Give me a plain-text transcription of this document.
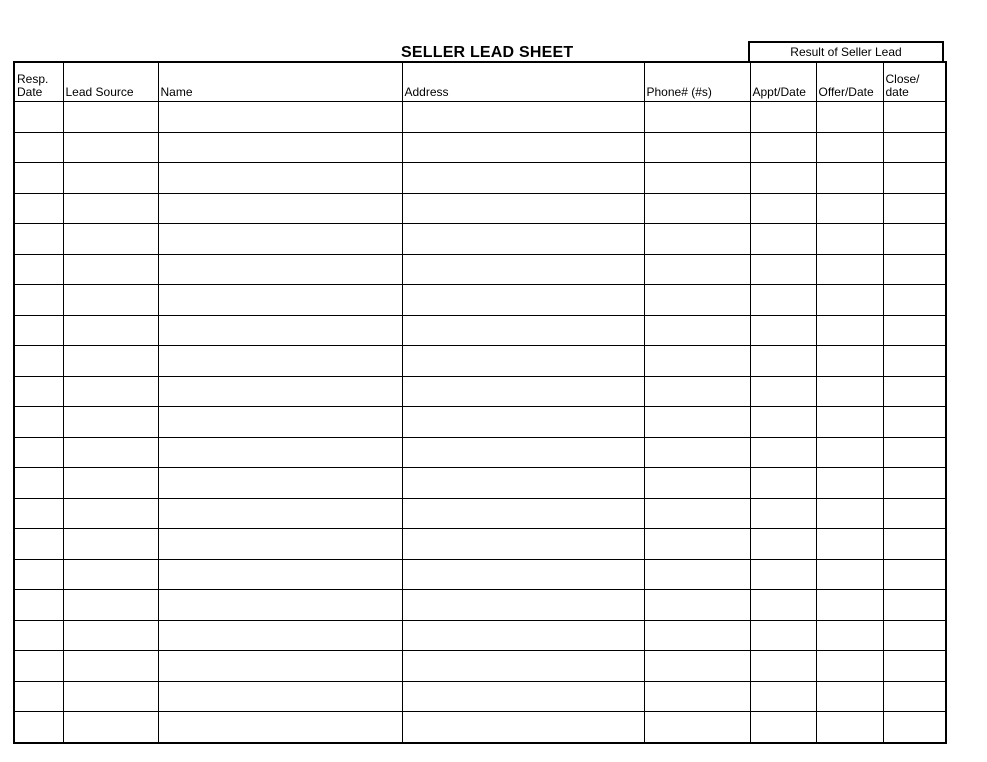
SELLER LEAD SHEET	Result of Seller Lead
Resp.
Date	Lead Source	Name	Address	Phone# (#s)	Appt/Date	Offer/Date	Close/
date
